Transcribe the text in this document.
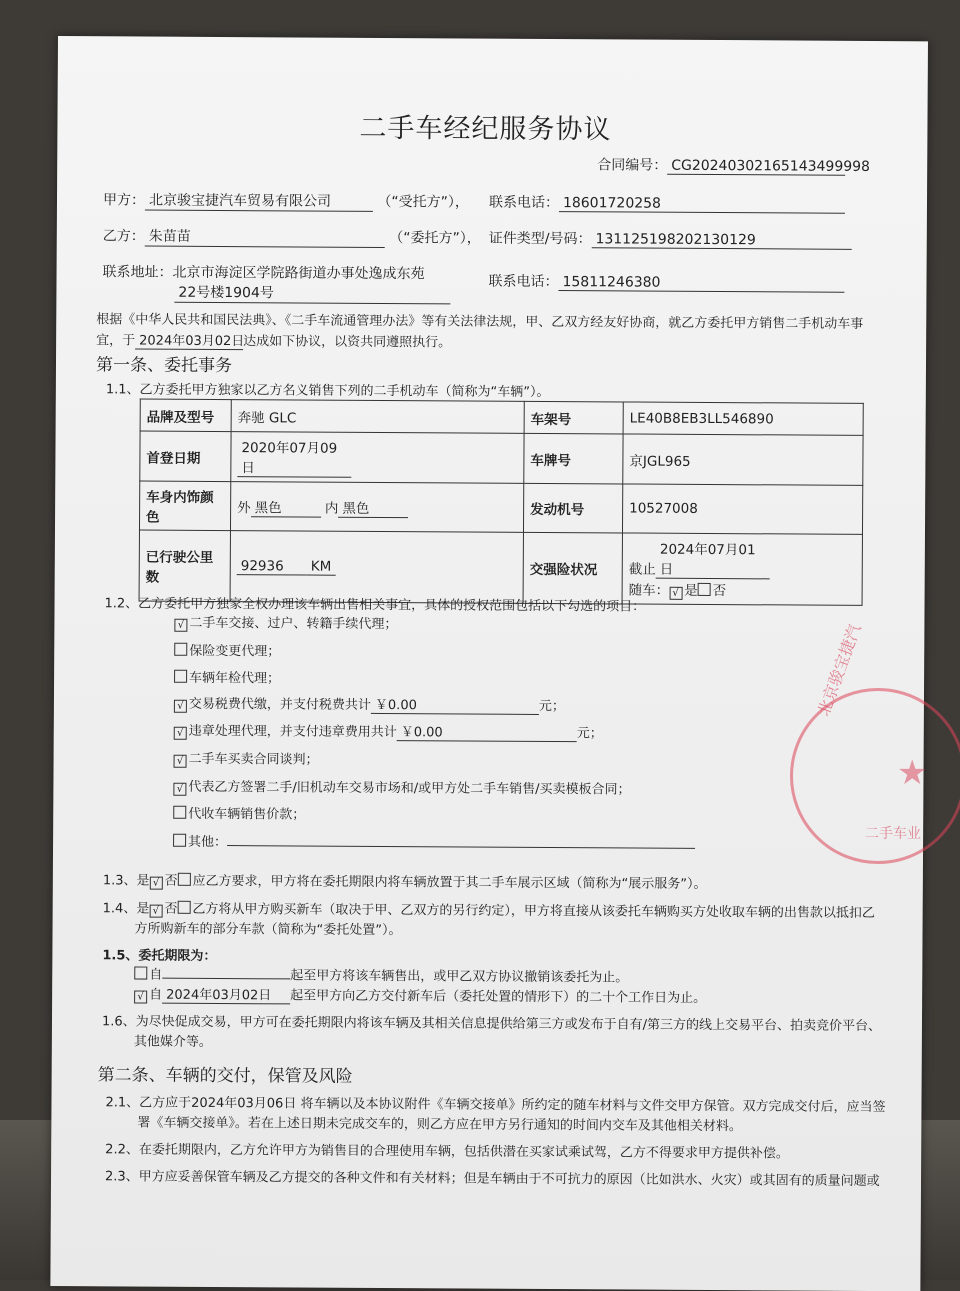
二手车经纪服务协议
合同编号： CG20240302165143499998
甲方： 北京骏宝捷汽车贸易有限公司	（“受托方”）， 联系电话： 18601720258
乙方： 朱苗苗	（“委托方”）， 证件类型/号码： 131125198202130129
联系地址：北京市海淀区学院路街道办事处逸成东苑
22号楼1904号
联系电话： 15811246380
根据《中华人民共和国民法典》、《二手车流通管理办法》等有关法律法规，甲、乙双方经友好协商，就乙方委托甲方销售二手机动车事
宜，于 2024年03月02日达成如下协议，以资共同遵照执行。
第一条、委托事务
1.1、乙方委托甲方独家以乙方名义销售下列的二手机动车（简称为“车辆”）。
品牌及型号	奔驰 GLC	车架号	LE40B8EB3LL546890
首登日期	2020年07月09日	车牌号	京JGL965
车身内饰颜色	外 黑色 内 黑色	发动机号	10527008
已行驶公里数	92936 KM	交强险状况	截止2024年07月01日
随车： √ 是 否
1.2、乙方委托甲方独家全权办理该车辆出售相关事宜，具体的授权范围包括以下勾选的项目：
√ 二手车交接、过户、转籍手续代理；
保险变更代理；
车辆年检代理；
√ 交易税费代缴，并支付税费共计 ￥0.00	元；
√ 违章处理代理，并支付违章费用共计 ￥0.00	元；
√ 二手车买卖合同谈判；
√ 代表乙方签署二手/旧机动车交易市场和/或甲方处二手车销售/买卖模板合同；
代收车辆销售价款；
其他：
1.3、是 √ 否 应乙方要求，甲方将在委托期限内将车辆放置于其二手车展示区域（简称为“展示服务”）。
1.4、是 √ 否 乙方将从甲方购买新车（取决于甲、乙双方的另行约定），甲方将直接从该委托车辆购买方处收取车辆的出售款以抵扣乙
方所购新车的部分车款（简称为“委托处置”）。
1.5、委托期限为：
自	起至甲方将该车辆售出，或甲乙双方协议撤销该委托为止。
√ 自 2024年03月02日 起至甲方向乙方交付新车后（委托处置的情形下）的二十个工作日为止。
1.6、为尽快促成交易，甲方可在委托期限内将该车辆及其相关信息提供给第三方或发布于自有/第三方的线上交易平台、拍卖竞价平台、
其他媒介等。
第二条、车辆的交付，保管及风险
2.1、乙方应于2024年03月06日 将车辆以及本协议附件《车辆交接单》所约定的随车材料与文件交甲方保管。双方完成交付后，应当签
署《车辆交接单》。若在上述日期未完成交车的，则乙方应在甲方另行通知的时间内交车及其他相关材料。
2.2、在委托期限内，乙方允许甲方为销售目的合理使用车辆，包括供潜在买家试乘试驾，乙方不得要求甲方提供补偿。
2.3、甲方应妥善保管车辆及乙方提交的各种文件和有关材料；但是车辆由于不可抗力的原因（比如洪水、火灾）或其固有的质量问题或
★
北京骏宝捷汽
二手车业
